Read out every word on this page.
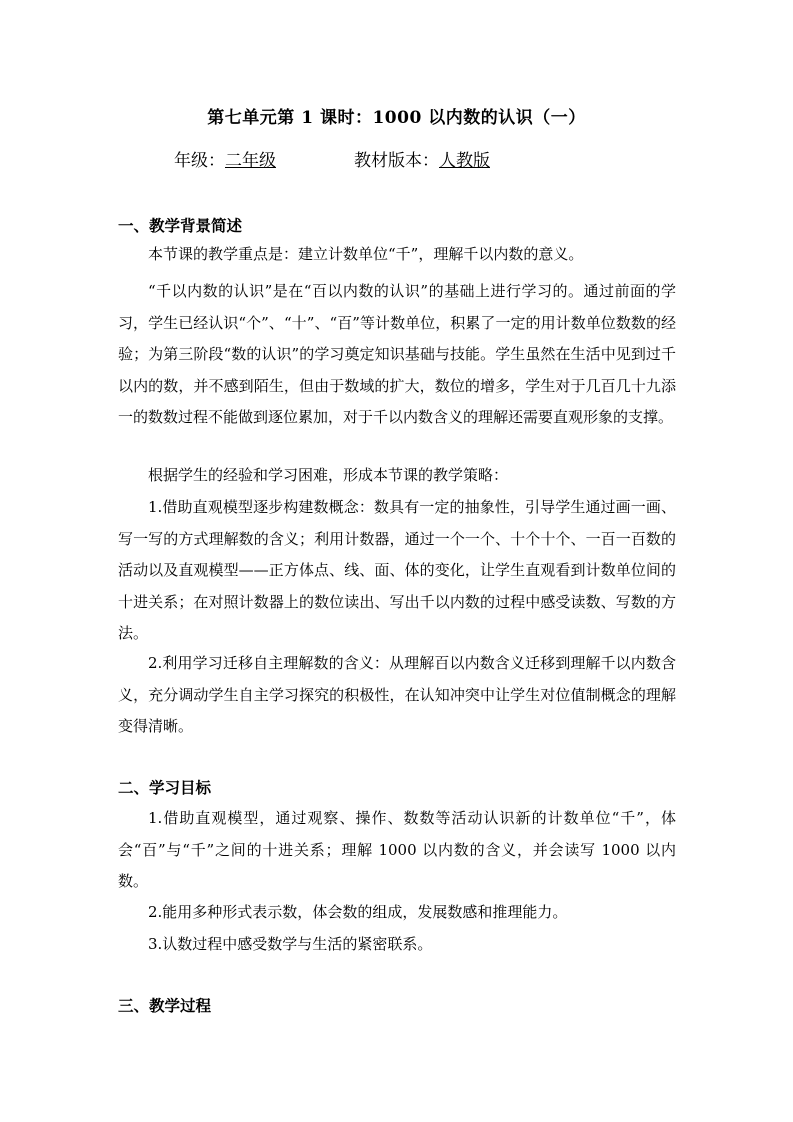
第七单元第 1 课时：1000 以内数的认识（一）
年级：二年级	教材版本：人教版
一、教学背景简述
本节课的教学重点是：建立计数单位“千”，理解千以内数的意义。
“千以内数的认识”是在“百以内数的认识”的基础上进行学习的。通过前面的学习，学生已经认识“个”、“十”、“百”等计数单位，积累了一定的用计数单位数数的经验；为第三阶段“数的认识”的学习奠定知识基础与技能。学生虽然在生活中见到过千以内的数，并不感到陌生，但由于数域的扩大，数位的增多，学生对于几百几十九添一的数数过程不能做到逐位累加，对于千以内数含义的理解还需要直观形象的支撑。
根据学生的经验和学习困难，形成本节课的教学策略：
1.借助直观模型逐步构建数概念：数具有一定的抽象性，引导学生通过画一画、写一写的方式理解数的含义；利用计数器，通过一个一个、十个十个、一百一百数的活动以及直观模型——正方体点、线、面、体的变化，让学生直观看到计数单位间的十进关系；在对照计数器上的数位读出、写出千以内数的过程中感受读数、写数的方法。
2.利用学习迁移自主理解数的含义：从理解百以内数含义迁移到理解千以内数含义，充分调动学生自主学习探究的积极性，在认知冲突中让学生对位值制概念的理解变得清晰。
二、学习目标
1.借助直观模型，通过观察、操作、数数等活动认识新的计数单位“千”，体会“百”与“千”之间的十进关系；理解 1000 以内数的含义，并会读写 1000 以内数。
2.能用多种形式表示数，体会数的组成，发展数感和推理能力。
3.认数过程中感受数学与生活的紧密联系。
三、教学过程
